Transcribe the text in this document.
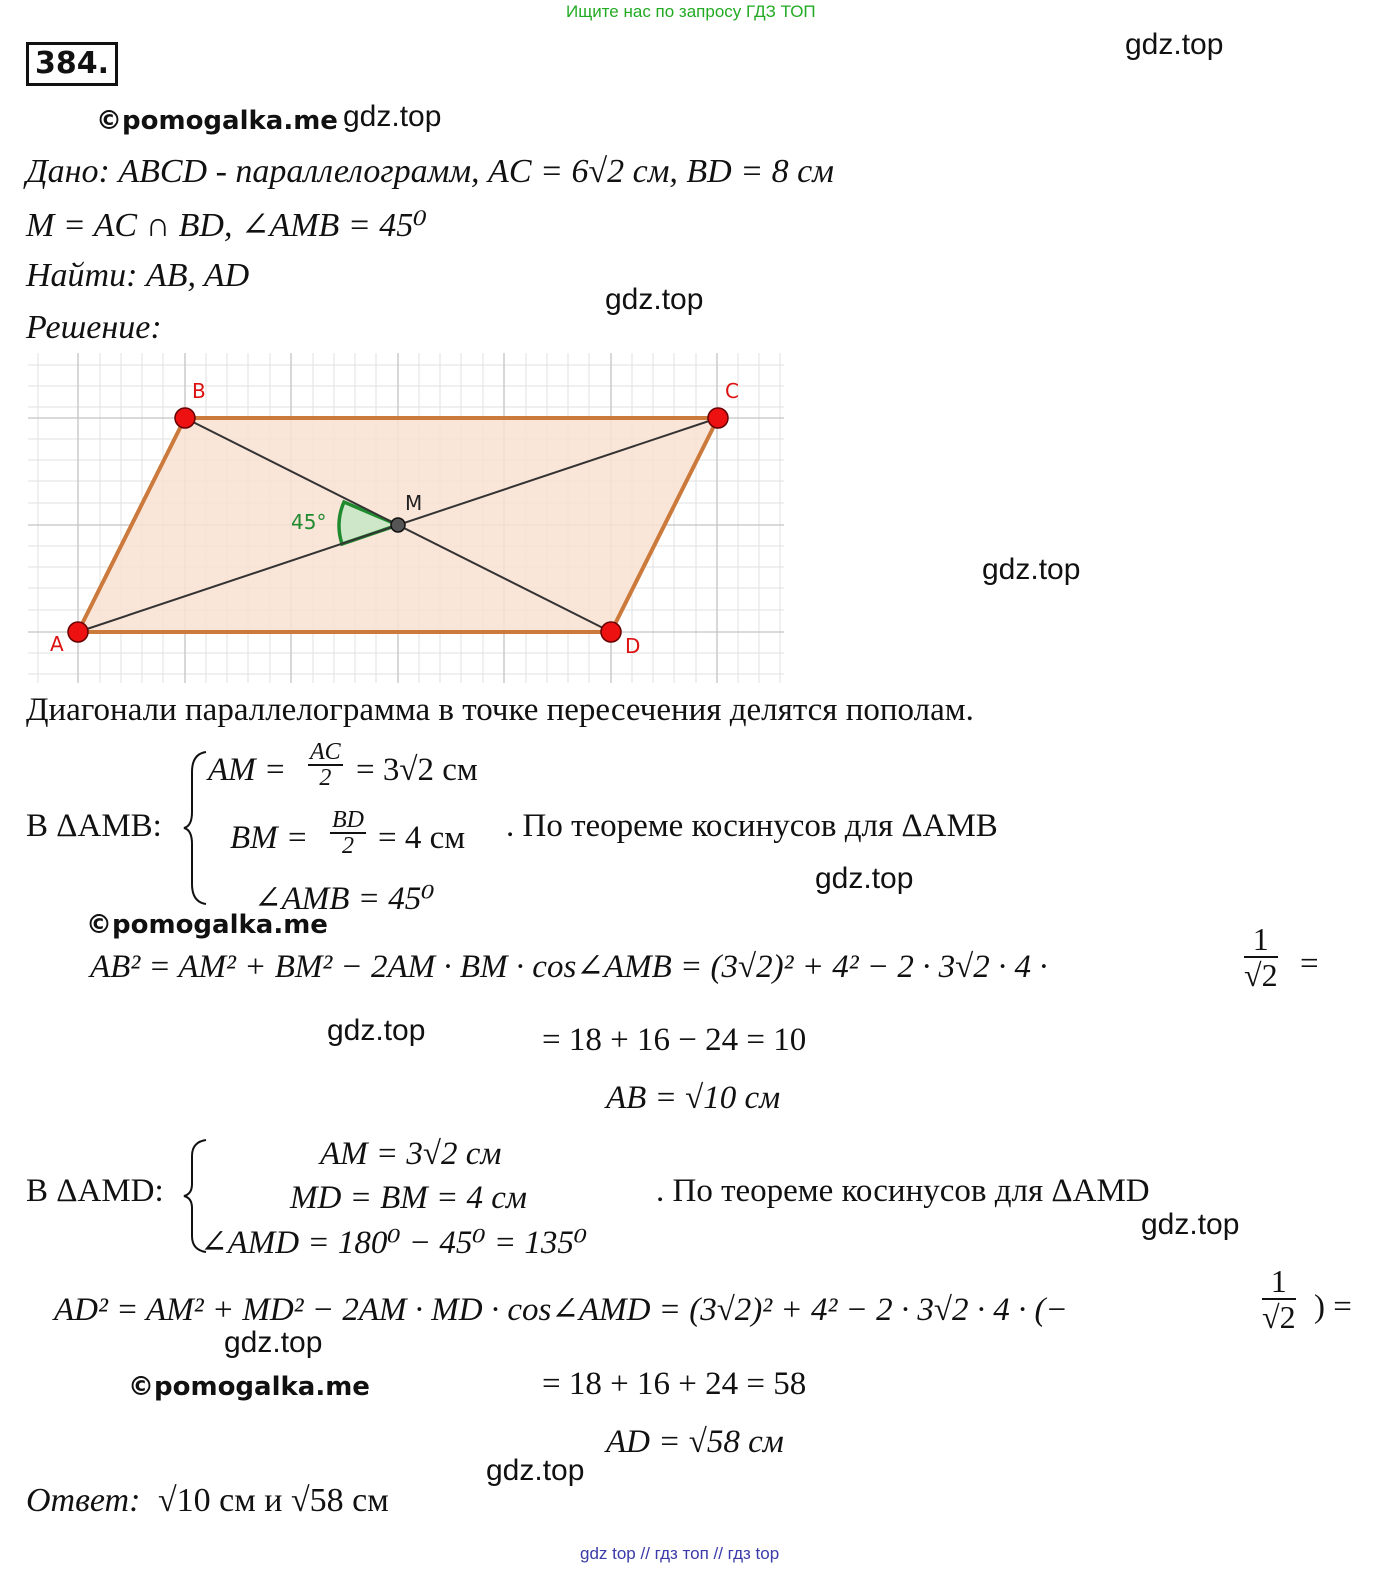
Ищите нас по запросу ГДЗ ТОП
384.
gdz.top
©pomogalka.me gdz.top
Дано: ABCD - параллелограмм, AC = 6√2 см, BD = 8 см
M = AC ∩ BD, ∠AMB = 45⁰
Найти: AB, AD
gdz.top
Решение:
A
B	C
D
M
45°
gdz.top
Диагонали параллелограмма в точке пересечения делятся пополам.
В ΔAMB:
AM = $\frac{AC}{2} = 3√2$ см
BM = $\frac{BD}{2} = 4$ см
∠AMB = 45⁰
. По теореме косинусов для ΔAMB
gdz.top
©pomogalka.me
AB² = AM² + BM² − 2AM · BM · cos∠AMB = (3√2)² + 4² − 2 · 3√2 · 4 ·	$\frac{1}{√2}$ =
gdz.top	= 18 + 16 − 24 = 10
AB = √10 см
В ΔAMD:
AM = 3√2 см
MD = BM = 4 см
∠AMD = 180⁰ − 45⁰ = 135⁰
. По теореме косинусов для ΔAMD
gdz.top
AD² = AM² + MD² − 2AM · MD · cos∠AMD = (3√2)² + 4² − 2 · 3√2 · 4 · (−	$\frac{1}{√2}$ ) =
gdz.top
©pomogalka.me	= 18 + 16 + 24 = 58
AD = √58 см
gdz.top
Ответ: √10 см и √58 см
gdz top // гдз топ // гдз top
